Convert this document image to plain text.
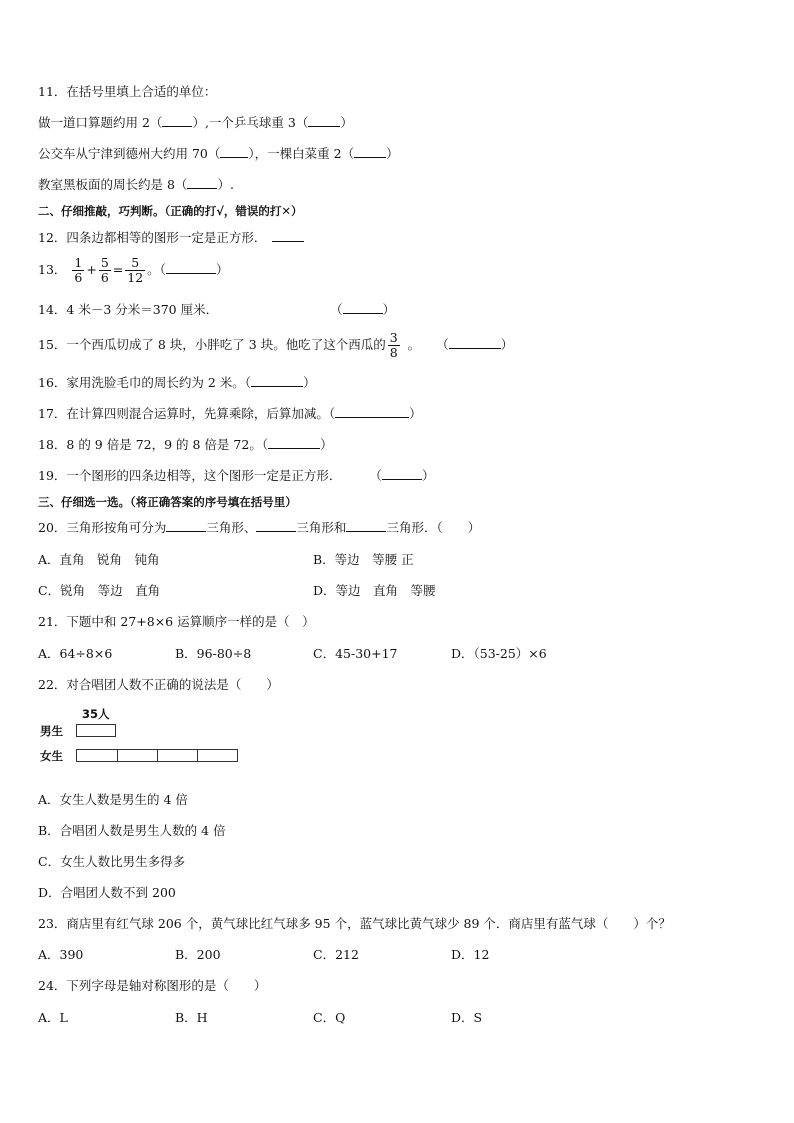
11．在括号里填上合适的单位：
做一道口算题约用 2（ ）,一个乒乓球重 3（	）
公交车从宁津到德州大约用 70（ ），一棵白菜重 2（	）
教室黑板面的周长约是 8（ ）.
二、仔细推敲，巧判断。（正确的打√，错误的打✕）
12．四条边都相等的图形一定是正方形．
13． $\frac{1}{6} + \frac{5}{6} = \frac{5}{12}$ 。（	）
14．4 米－3 分米＝370 厘米．	（	）
15．一个西瓜切成了 8 块，小胖吃了 3 块。他吃了这个西瓜的 $\frac{3}{8}$ 。 （	）
16．家用洗脸毛巾的周长约为 2 米。（	）
17．在计算四则混合运算时，先算乘除，后算加减。（	）
18．8 的 9 倍是 72，9 的 8 倍是 72。（	）
19．一个图形的四条边相等，这个图形一定是正方形． （	）
三、仔细选一选。（将正确答案的序号填在括号里）
20．三角形按角可分为	三角形、	三角形和	三角形．（　　）
A．直角　锐角　钝角	B．等边　等腰 正
C．锐角　等边　直角	D．等边　直角　等腰
21．下题中和 27+8×6 运算顺序一样的是（　）
A．64÷8×6	B．96-80÷8	C．45-30+17	D．（53-25）×6
22．对合唱团人数不正确的说法是（　　）
35人
男生
女生
A．女生人数是男生的 4 倍
B．合唱团人数是男生人数的 4 倍
C．女生人数比男生多得多
D．合唱团人数不到 200
23．商店里有红气球 206 个，黄气球比红气球多 95 个，蓝气球比黄气球少 89 个．商店里有蓝气球（　　）个？
A．390	B．200	C．212	D．12
24．下列字母是轴对称图形的是（　　）
A．L	B．H	C．Q	D．S
